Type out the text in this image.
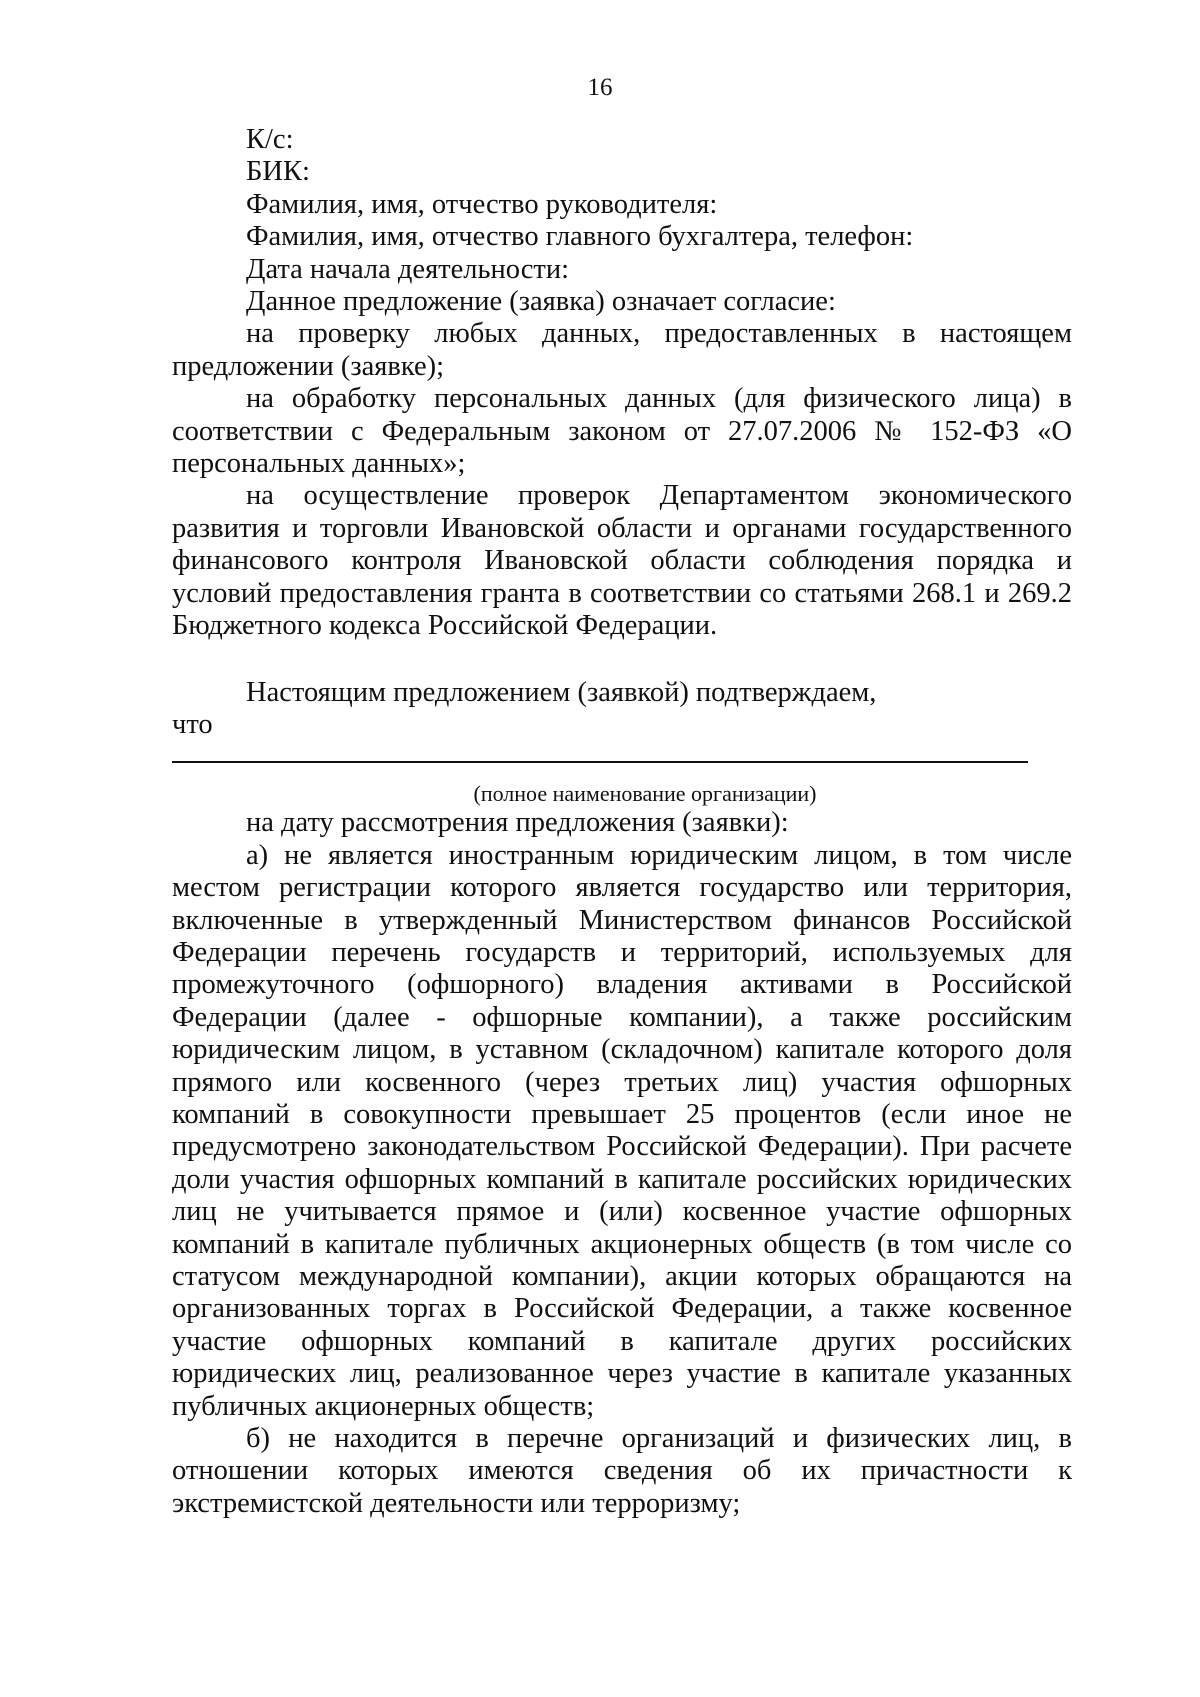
16
К/с:
БИК:
Фамилия, имя, отчество руководителя:
Фамилия, имя, отчество главного бухгалтера, телефон:
Дата начала деятельности:
Данное предложение (заявка) означает согласие:
на проверку любых данных, предоставленных в настоящем предложении (заявке);
на обработку персональных данных (для физического лица) в соответствии с Федеральным законом от 27.07.2006 № 152-ФЗ «О персональных данных»;
на осуществление проверок Департаментом экономического развития и торговли Ивановской области и органами государственного финансового контроля Ивановской области соблюдения порядка и условий предоставления гранта в соответствии со статьями 268.1 и 269.2 Бюджетного кодекса Российской Федерации.
Настоящим предложением (заявкой) подтверждаем,
что
(полное наименование организации)
на дату рассмотрения предложения (заявки):
а) не является иностранным юридическим лицом, в том числе местом регистрации которого является государство или территория, включенные в утвержденный Министерством финансов Российской Федерации перечень государств и территорий, используемых для промежуточного (офшорного) владения активами в Российской Федерации (далее - офшорные компании), а также российским юридическим лицом, в уставном (складочном) капитале которого доля прямого или косвенного (через третьих лиц) участия офшорных компаний в совокупности превышает 25 процентов (если иное не предусмотрено законодательством Российской Федерации). При расчете доли участия офшорных компаний в капитале российских юридических лиц не учитывается прямое и (или) косвенное участие офшорных компаний в капитале публичных акционерных обществ (в том числе со статусом международной компании), акции которых обращаются на организованных торгах в Российской Федерации, а также косвенное участие офшорных компаний в капитале других российских юридических лиц, реализованное через участие в капитале указанных публичных акционерных обществ;
б) не находится в перечне организаций и физических лиц, в отношении которых имеются сведения об их причастности к экстремистской деятельности или терроризму;
